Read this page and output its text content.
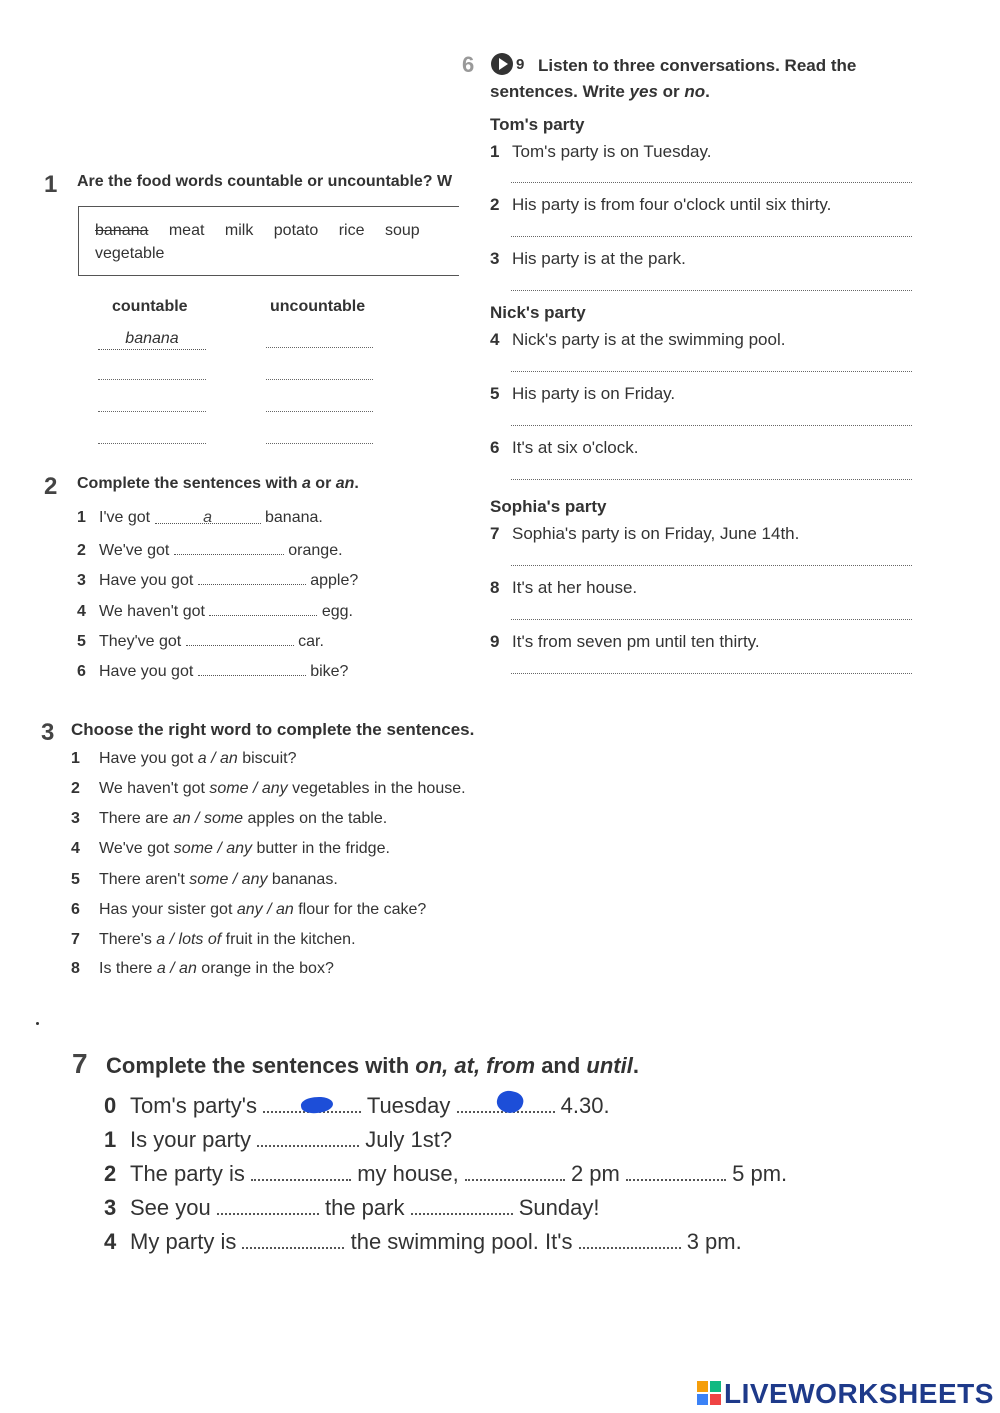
1 Are the food words countable or uncountable? W
banana meat milk potato rice soup
vegetable
countable	uncountable
banana
2 Complete the sentences with a or an.
1 I've got	a	banana.
2 We've got	orange.
3 Have you got	apple?
4 We haven't got	egg.
5 They've got	car.
6 Have you got	bike?
3 Choose the right word to complete the sentences.
1 Have you got a / an biscuit?
2 We haven't got some / any vegetables in the house.
3 There are an / some apples on the table.
4 We've got some / any butter in the fridge.
5 There aren't some / any bananas.
6 Has your sister got any / an flour for the cake?
7 There's a / lots of fruit in the kitchen.
8 Is there a / an orange in the box?
6	9 Listen to three conversations. Read the
sentences. Write yes or no.
Tom's party
1 Tom's party is on Tuesday.
2 His party is from four o'clock until six thirty.
3 His party is at the park.
Nick's party
4 Nick's party is at the swimming pool.
5 His party is on Friday.
6 It's at six o'clock.
Sophia's party
7 Sophia's party is on Friday, June 14th.
8 It's at her house.
9 It's from seven pm until ten thirty.
7 Complete the sentences with on, at, from and until.
0 Tom's party's	Tuesday	4.30.
1 Is your party	July 1st?
2 The party is	my house,	2 pm	5 pm.
3 See you	the park	Sunday!
4 My party is	the swimming pool. It's	3 pm.
LIVEWORKSHEETS
